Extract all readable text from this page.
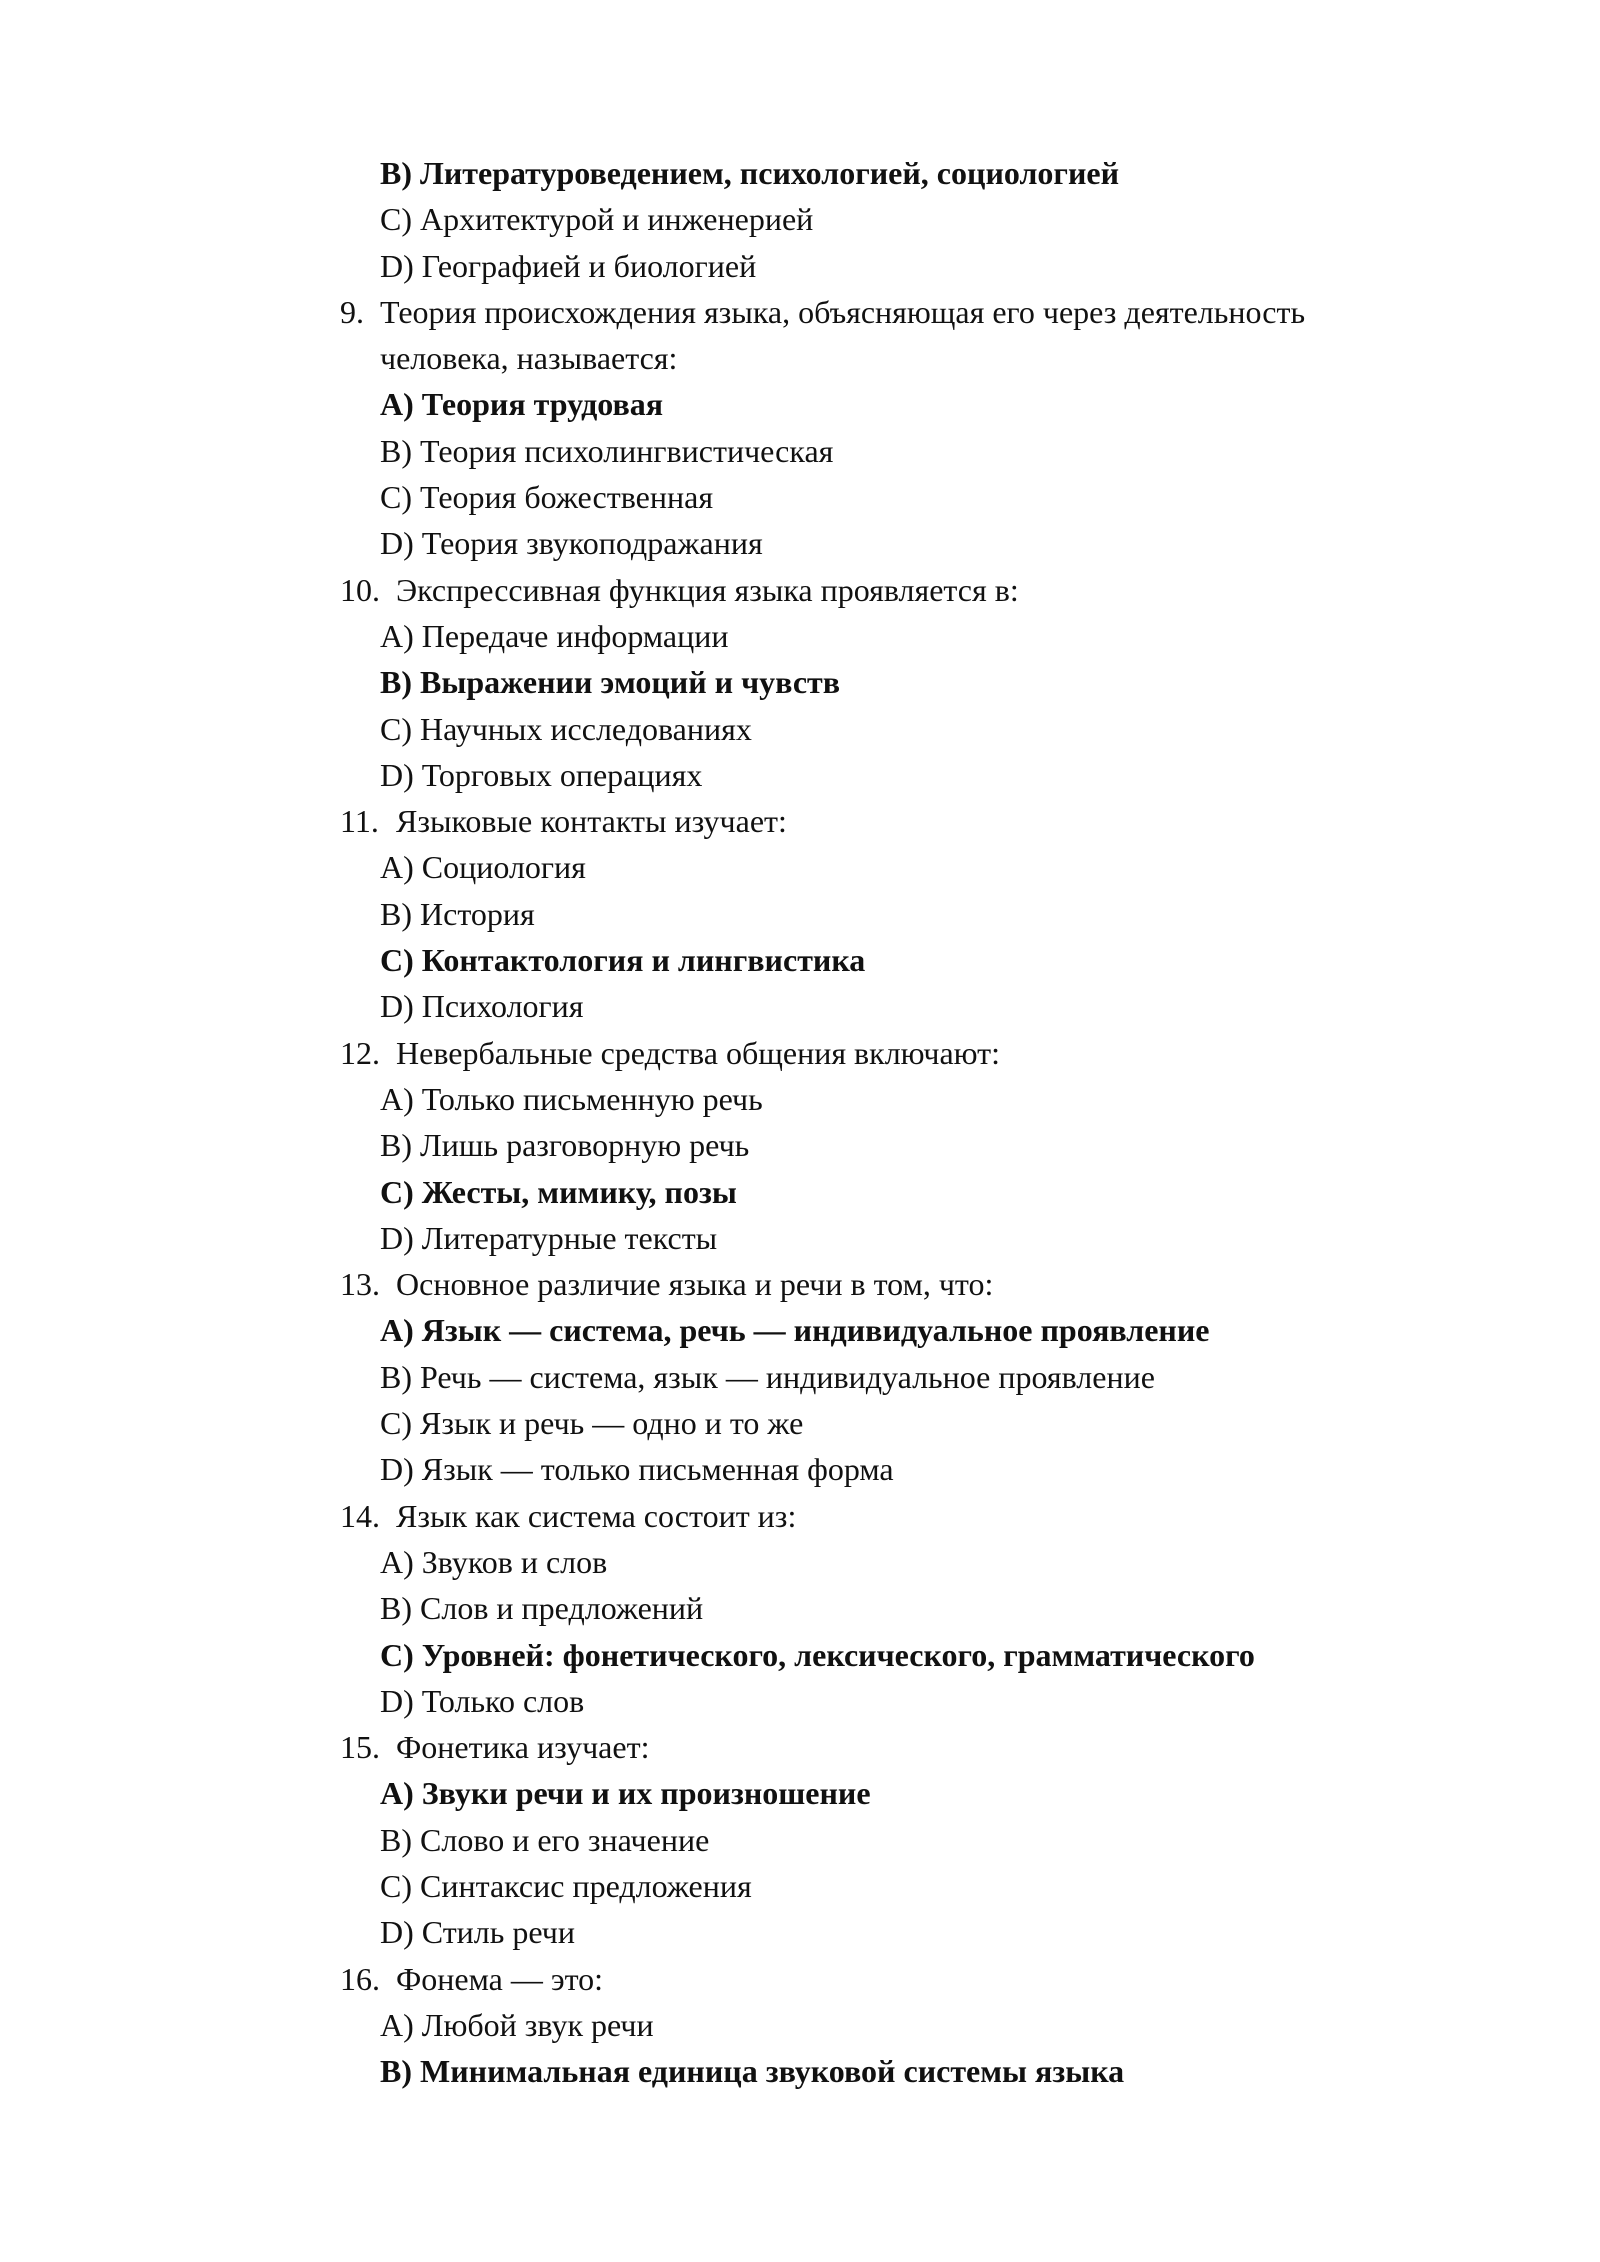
B) Литературоведением, психологией, социологией
C) Архитектурой и инженерией
D) Географией и биологией
9. Теория происхождения языка, объясняющая его через деятельность
человека, называется:
A) Теория трудовая
B) Теория психолингвистическая
C) Теория божественная
D) Теория звукоподражания
10. Экспрессивная функция языка проявляется в:
A) Передаче информации
B) Выражении эмоций и чувств
C) Научных исследованиях
D) Торговых операциях
11. Языковые контакты изучает:
A) Социология
B) История
C) Контактология и лингвистика
D) Психология
12. Невербальные средства общения включают:
A) Только письменную речь
B) Лишь разговорную речь
C) Жесты, мимику, позы
D) Литературные тексты
13. Основное различие языка и речи в том, что:
A) Язык — система, речь — индивидуальное проявление
B) Речь — система, язык — индивидуальное проявление
C) Язык и речь — одно и то же
D) Язык — только письменная форма
14. Язык как система состоит из:
A) Звуков и слов
B) Слов и предложений
C) Уровней: фонетического, лексического, грамматического
D) Только слов
15. Фонетика изучает:
A) Звуки речи и их произношение
B) Слово и его значение
C) Синтаксис предложения
D) Стиль речи
16. Фонема — это:
A) Любой звук речи
B) Минимальная единица звуковой системы языка
